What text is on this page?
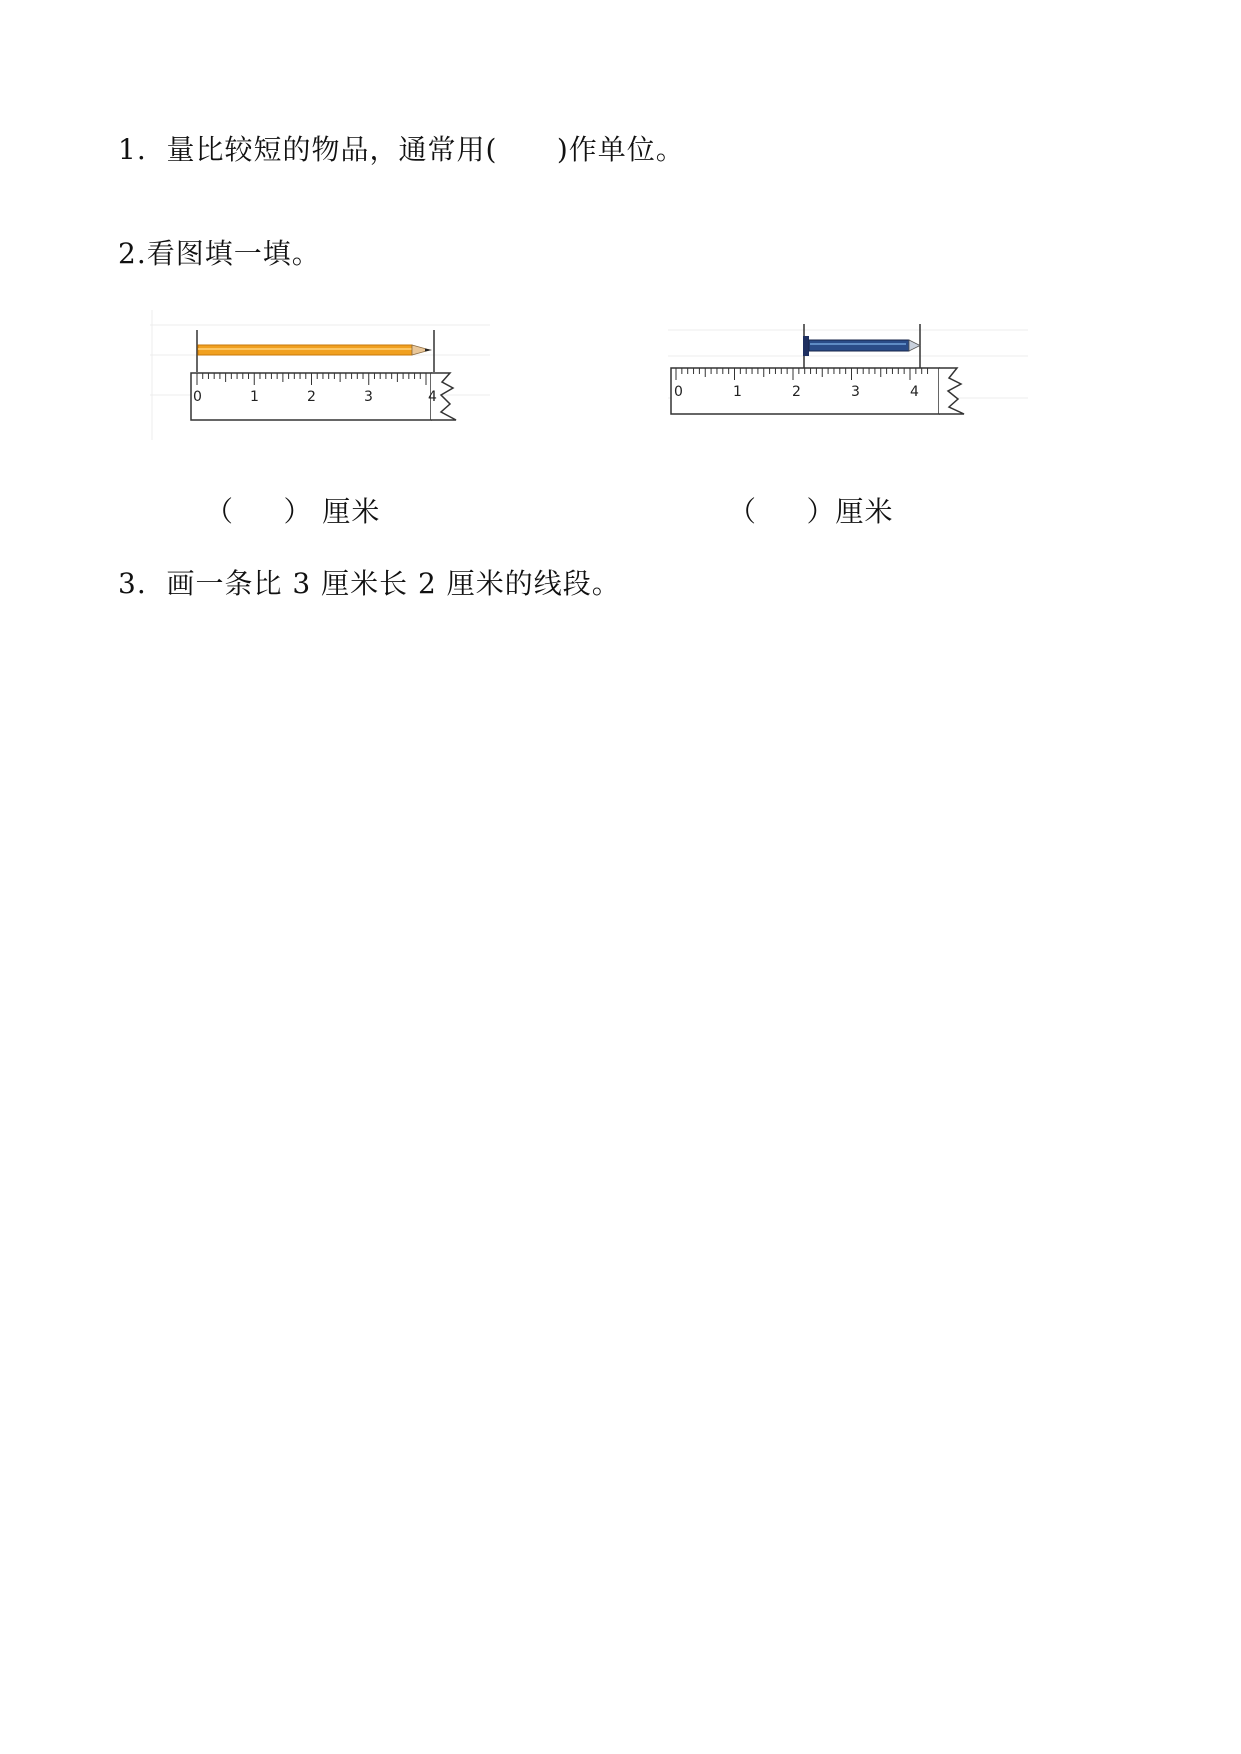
1.  量比较短的物品，通常用(      )作单位。
2.看图填一填。
0	1	2	3	4	0	1	2	3	4
（     ） 厘米	（     ）厘米
3.  画一条比 3 厘米长 2 厘米的线段。
